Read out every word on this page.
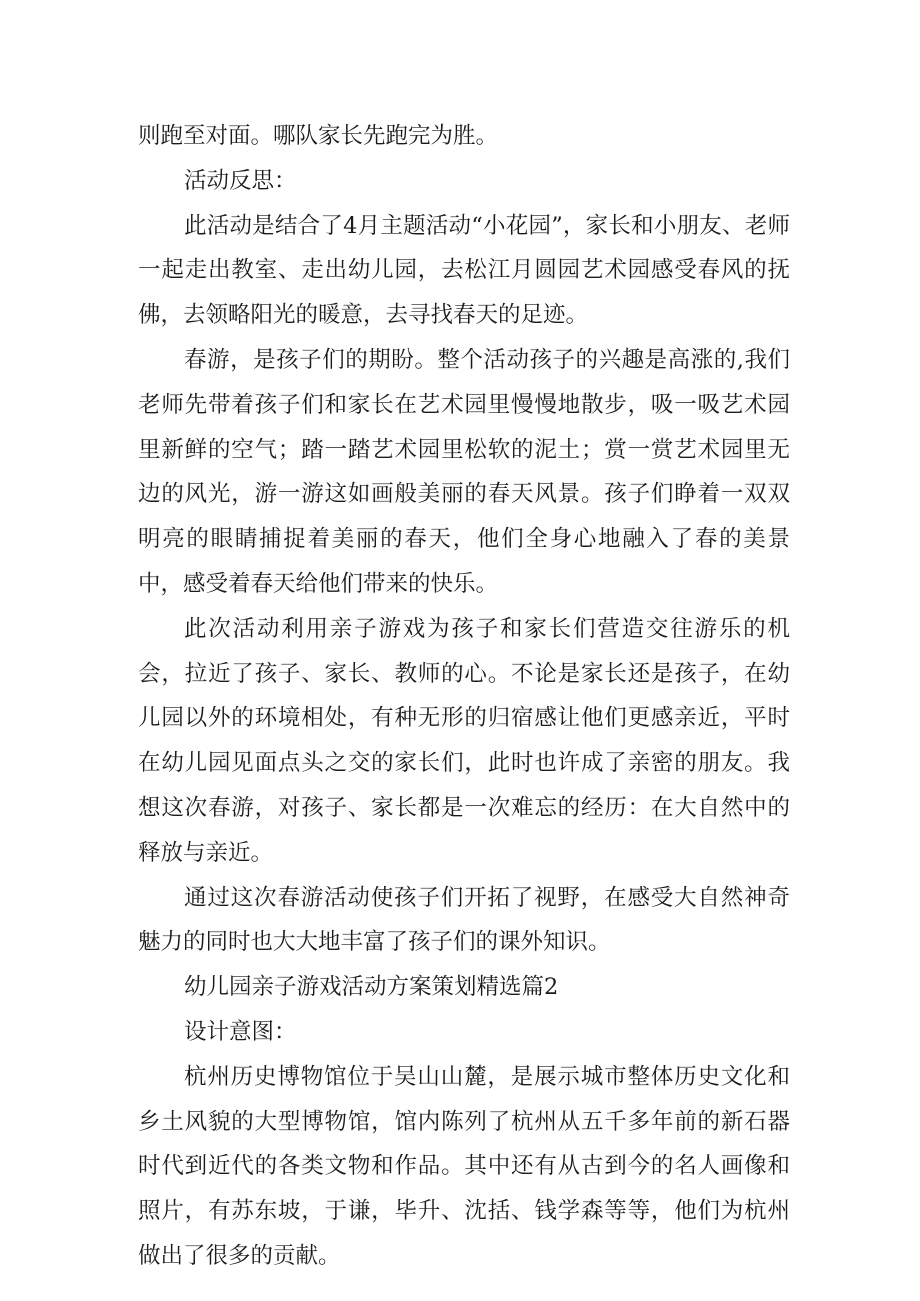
则跑至对面。哪队家长先跑完为胜。

活动反思：

此活动是结合了4月主题活动“小花园”，家长和小朋友、老师一起走出教室、走出幼儿园，去松江月圆园艺术园感受春风的抚佛，去领略阳光的暖意，去寻找春天的足迹。

春游，是孩子们的期盼。整个活动孩子的兴趣是高涨的,我们老师先带着孩子们和家长在艺术园里慢慢地散步，吸一吸艺术园里新鲜的空气；踏一踏艺术园里松软的泥土；赏一赏艺术园里无边的风光，游一游这如画般美丽的春天风景。孩子们睁着一双双明亮的眼睛捕捉着美丽的春天，他们全身心地融入了春的美景中，感受着春天给他们带来的快乐。

此次活动利用亲子游戏为孩子和家长们营造交往游乐的机会，拉近了孩子、家长、教师的心。不论是家长还是孩子，在幼儿园以外的环境相处，有种无形的归宿感让他们更感亲近，平时在幼儿园见面点头之交的家长们，此时也许成了亲密的朋友。我想这次春游，对孩子、家长都是一次难忘的经历：在大自然中的释放与亲近。

通过这次春游活动使孩子们开拓了视野，在感受大自然神奇魅力的同时也大大地丰富了孩子们的课外知识。

幼儿园亲子游戏活动方案策划精选篇2

设计意图：

杭州历史博物馆位于吴山山麓，是展示城市整体历史文化和乡土风貌的大型博物馆，馆内陈列了杭州从五千多年前的新石器时代到近代的各类文物和作品。其中还有从古到今的名人画像和照片，有苏东坡，于谦，毕升、沈括、钱学森等等，他们为杭州做出了很多的贡献。
